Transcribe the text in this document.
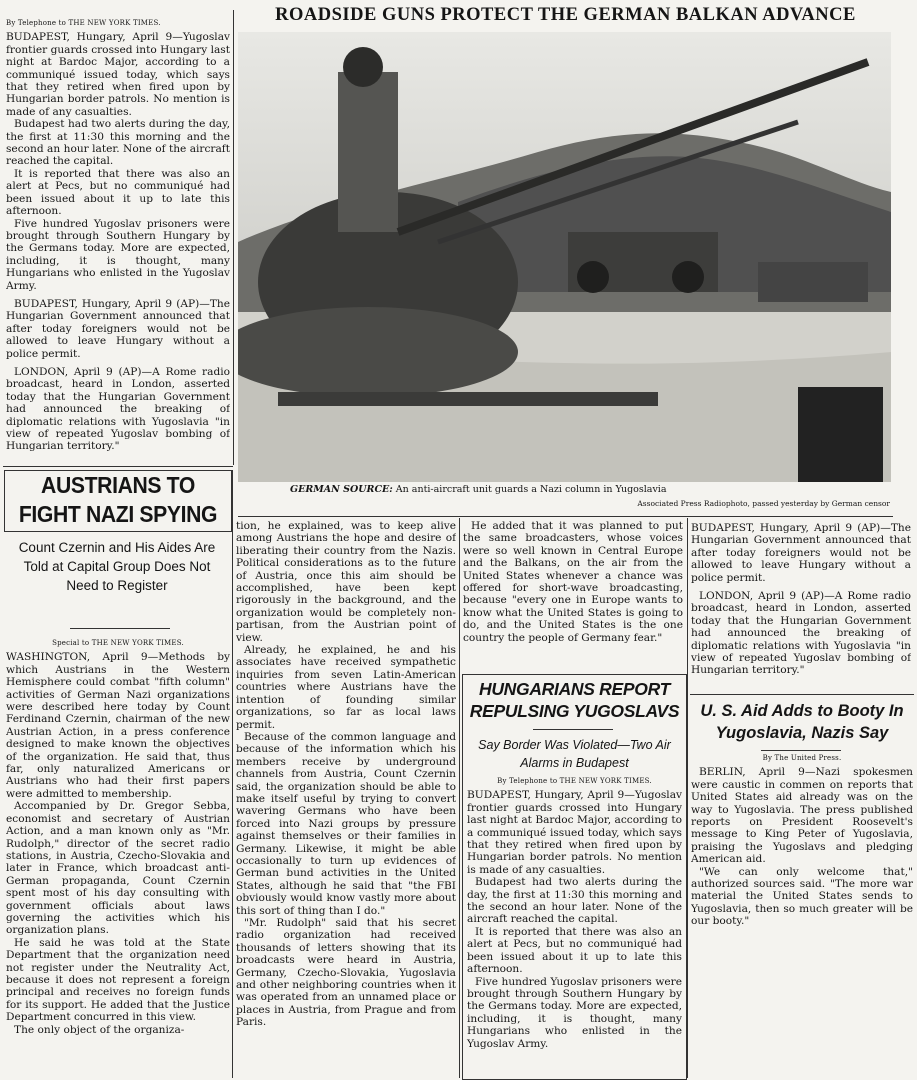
By Telephone to THE NEW YORK TIMES.

BUDAPEST, Hungary, April 9—Yugoslav frontier guards crossed into Hungary last night at Bardoc Major, according to a communiqué issued today, which says that they retired when fired upon by Hungarian border patrols. No mention is made of any casualties.

Budapest had two alerts during the day, the first at 11:30 this morning and the second an hour later. None of the aircraft reached the capital.

It is reported that there was also an alert at Pecs, but no communiqué had been issued about it up to late this afternoon.

Five hundred Yugoslav prisoners were brought through Southern Hungary by the Germans today. More are expected, including, it is thought, many Hungarians who enlisted in the Yugoslav Army.

BUDAPEST, Hungary, April 9 (AP)—The Hungarian Government announced that after today foreigners would not be allowed to leave Hungary without a police permit.

LONDON, April 9 (AP)—A Rome radio broadcast, heard in London, asserted today that the Hungarian Government had announced the breaking of diplomatic relations with Yugoslavia "in view of repeated Yugoslav bombing of Hungarian territory."

ROADSIDE GUNS PROTECT THE GERMAN BALKAN ADVANCE
GERMAN SOURCE: An anti-aircraft unit guards a Nazi column in Yugoslavia
Associated Press Radiophoto, passed yesterday by German censor
AUSTRIANS TO FIGHT NAZI SPYING
Count Czernin and His Aides Are Told at Capital Group Does Not Need to Register
Special to THE NEW YORK TIMES.

WASHINGTON, April 9—Methods by which Austrians in the Western Hemisphere could combat "fifth column" activities of German Nazi organizations were described here today by Count Ferdinand Czernin, chairman of the new Austrian Action, in a press conference designed to make known the objectives of the organization. He said that, thus far, only naturalized Americans or Austrians who had their first papers were admitted to membership.

Accompanied by Dr. Gregor Sebba, economist and secretary of Austrian Action, and a man known only as "Mr. Rudolph," director of the secret radio stations, in Austria, Czecho-Slovakia and later in France, which broadcast anti-German propaganda, Count Czernin spent most of his day consulting with government officials about laws governing the activities which his organization plans.

He said he was told at the State Department that the organization need not register under the Neutrality Act, because it does not represent a foreign principal and receives no foreign funds for its support. He added that the Justice Department concurred in this view.

The only object of the organiza-

tion, he explained, was to keep alive among Austrians the hope and desire of liberating their country from the Nazis. Political considerations as to the future of Austria, once this aim should be accomplished, have been kept rigorously in the background, and the organization would be completely non-partisan, from the Austrian point of view.

Already, he explained, he and his associates have received sympathetic inquiries from seven Latin-American countries where Austrians have the intention of founding similar organizations, so far as local laws permit.

Because of the common language and because of the information which his members receive by underground channels from Austria, Count Czernin said, the organization should be able to make itself useful by trying to convert wavering Germans who have been forced into Nazi groups by pressure against themselves or their families in Germany. Likewise, it might be able occasionally to turn up evidences of German bund activities in the United States, although he said that "the FBI obviously would know vastly more about this sort of thing than I do."

"Mr. Rudolph" said that his secret radio organization had received thousands of letters showing that its broadcasts were heard in Austria, Germany, Czecho-Slovakia, Yugoslavia and other neighboring countries when it was operated from an unnamed place or places in Austria, from Prague and from Paris.

He added that it was planned to put the same broadcasters, whose voices were so well known in Central Europe and the Balkans, on the air from the United States whenever a chance was offered for short-wave broadcasting, because "every one in Europe wants to know what the United States is going to do, and the United States is the one country the people of Germany fear."

HUNGARIANS REPORT REPULSING YUGOSLAVS
Say Border Was Violated—Two Air Alarms in Budapest
By Telephone to THE NEW YORK TIMES.

BUDAPEST, Hungary, April 9—Yugoslav frontier guards crossed into Hungary last night at Bardoc Major, according to a communiqué issued today, which says that they retired when fired upon by Hungarian border patrols. No mention is made of any casualties.

Budapest had two alerts during the day, the first at 11:30 this morning and the second an hour later. None of the aircraft reached the capital.

It is reported that there was also an alert at Pecs, but no communiqué had been issued about it up to late this afternoon.

Five hundred Yugoslav prisoners were brought through Southern Hungary by the Germans today. More are expected, including, it is thought, many Hungarians who enlisted in the Yugoslav Army.

BUDAPEST, Hungary, April 9 (AP)—The Hungarian Government announced that after today foreigners would not be allowed to leave Hungary without a police permit.

LONDON, April 9 (AP)—A Rome radio broadcast, heard in London, asserted today that the Hungarian Government had announced the breaking of diplomatic relations with Yugoslavia "in view of repeated Yugoslav bombing of Hungarian territory."

U. S. Aid Adds to Booty In Yugoslavia, Nazis Say
By The United Press.

BERLIN, April 9—Nazi spokesmen were caustic in commen on reports that United States aid already was on the way to Yugoslavia. The press published reports on President Roosevelt's message to King Peter of Yugoslavia, praising the Yugoslavs and pledging American aid.

"We can only welcome that," authorized sources said. "The more war material the United States sends to Yugoslavia, then so much greater will be our booty."
